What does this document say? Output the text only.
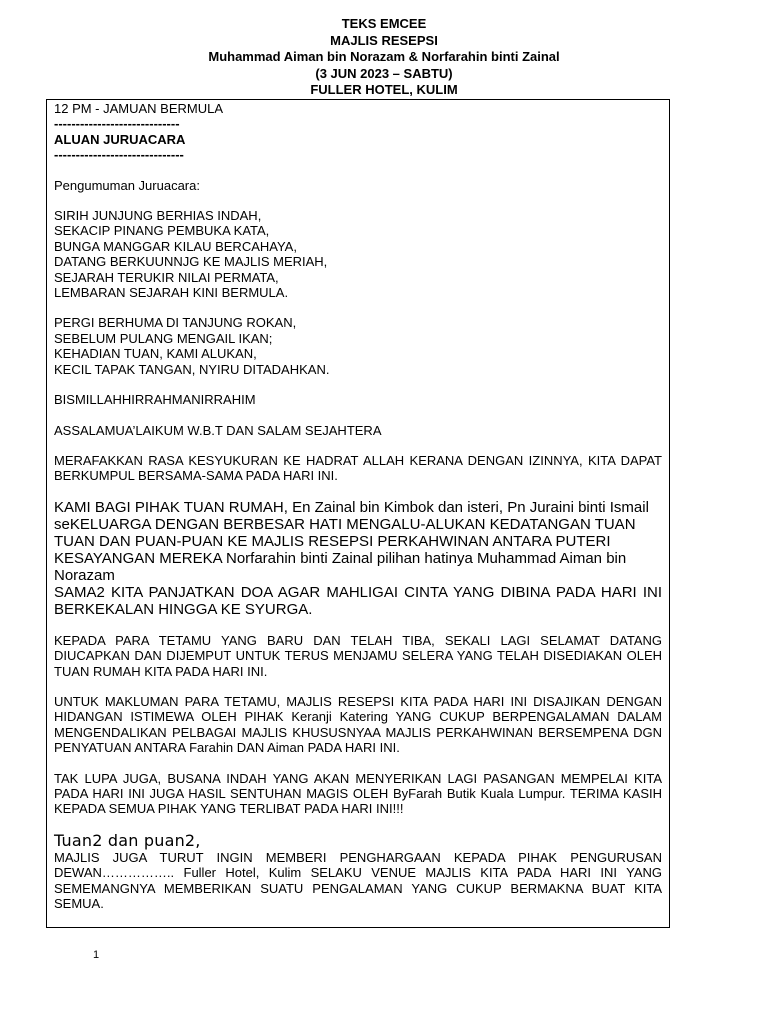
TEKS EMCEE
MAJLIS RESEPSI
Muhammad Aiman bin Norazam & Norfarahin binti Zainal
(3 JUN 2023 – SABTU)
FULLER HOTEL, KULIM

12 PM - JAMUAN BERMULA

-----------------------------

ALUAN JURUACARA

------------------------------

Pengumuman Juruacara:

SIRIH JUNJUNG BERHIAS INDAH,

SEKACIP PINANG PEMBUKA KATA,

BUNGA MANGGAR KILAU BERCAHAYA,

DATANG BERKUUNNJG KE MAJLIS MERIAH,

SEJARAH TERUKIR NILAI PERMATA,

LEMBARAN SEJARAH KINI BERMULA.

PERGI BERHUMA DI TANJUNG ROKAN,

SEBELUM PULANG MENGAIL IKAN;

KEHADIAN TUAN, KAMI ALUKAN,

KECIL TAPAK TANGAN, NYIRU DITADAHKAN.

BISMILLAHHIRRAHMANIRRAHIM

ASSALAMUA’LAIKUM W.B.T DAN SALAM SEJAHTERA

MERAFAKKAN RASA KESYUKURAN KE HADRAT ALLAH KERANA DENGAN IZINNYA, KITA DAPAT BERKUMPUL BERSAMA-SAMA PADA HARI INI.

KAMI BAGI PIHAK TUAN RUMAH, En Zainal bin Kimbok dan isteri, Pn Juraini binti Ismail seKELUARGA DENGAN BERBESAR HATI MENGALU-ALUKAN KEDATANGAN TUAN TUAN DAN PUAN-PUAN KE MAJLIS RESEPSI PERKAHWINAN ANTARA PUTERI KESAYANGAN MEREKA Norfarahin binti Zainal pilihan hatinya Muhammad Aiman bin Norazam

SAMA2 KITA PANJATKAN DOA AGAR MAHLIGAI CINTA YANG DIBINA PADA HARI INI BERKEKALAN HINGGA KE SYURGA.

KEPADA PARA TETAMU YANG BARU DAN TELAH TIBA, SEKALI LAGI SELAMAT DATANG DIUCAPKAN DAN DIJEMPUT UNTUK TERUS MENJAMU SELERA YANG TELAH DISEDIAKAN OLEH TUAN RUMAH KITA PADA HARI INI.

UNTUK MAKLUMAN PARA TETAMU, MAJLIS RESEPSI KITA PADA HARI INI DISAJIKAN DENGAN HIDANGAN ISTIMEWA OLEH PIHAK Keranji Katering YANG CUKUP BERPENGALAMAN DALAM MENGENDALIKAN PELBAGAI MAJLIS KHUSUSNYAA MAJLIS PERKAHWINAN BERSEMPENA DGN PENYATUAN ANTARA Farahin DAN Aiman PADA HARI INI.

TAK LUPA JUGA, BUSANA INDAH YANG AKAN MENYERIKAN LAGI PASANGAN MEMPELAI KITA PADA HARI INI JUGA HASIL SENTUHAN MAGIS OLEH ByFarah Butik Kuala Lumpur. TERIMA KASIH KEPADA SEMUA PIHAK YANG TERLIBAT PADA HARI INI!!!

Tuan2 dan puan2,

MAJLIS JUGA TURUT INGIN MEMBERI PENGHARGAAN KEPADA PIHAK PENGURUSAN DEWAN…………….. Fuller Hotel, Kulim SELAKU VENUE MAJLIS KITA PADA HARI INI YANG SEMEMANGNYA MEMBERIKAN SUATU PENGALAMAN YANG CUKUP BERMAKNA BUAT KITA SEMUA.

1
